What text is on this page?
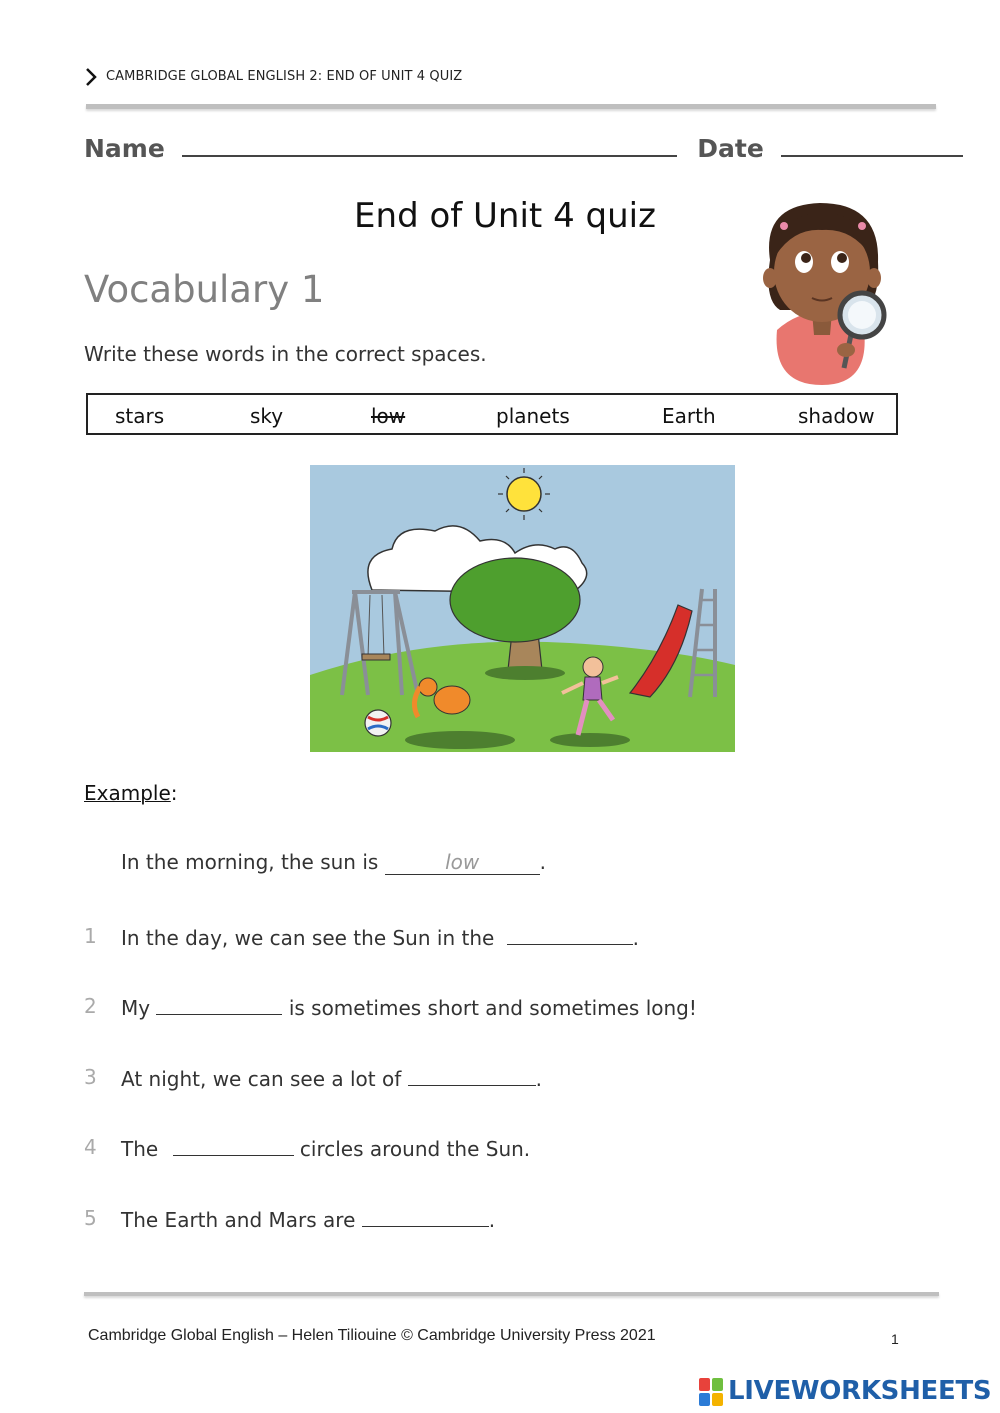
CAMBRIDGE GLOBAL ENGLISH 2: END OF UNIT 4 QUIZ
Name	Date
End of Unit 4 quiz
Vocabulary 1
Write these words in the correct spaces.
stars	sky	low	planets	Earth	shadow
Example:
In the morning, the sun is	low	.
1 In the day, we can see the Sun in the	.
2 My	is sometimes short and sometimes long!
3 At night, we can see a lot of	.
4 The	circles around the Sun.
5 The Earth and Mars are	.
Cambridge Global English – Helen Tiliouine © Cambridge University Press 2021	1
LIVEWORKSHEETS
